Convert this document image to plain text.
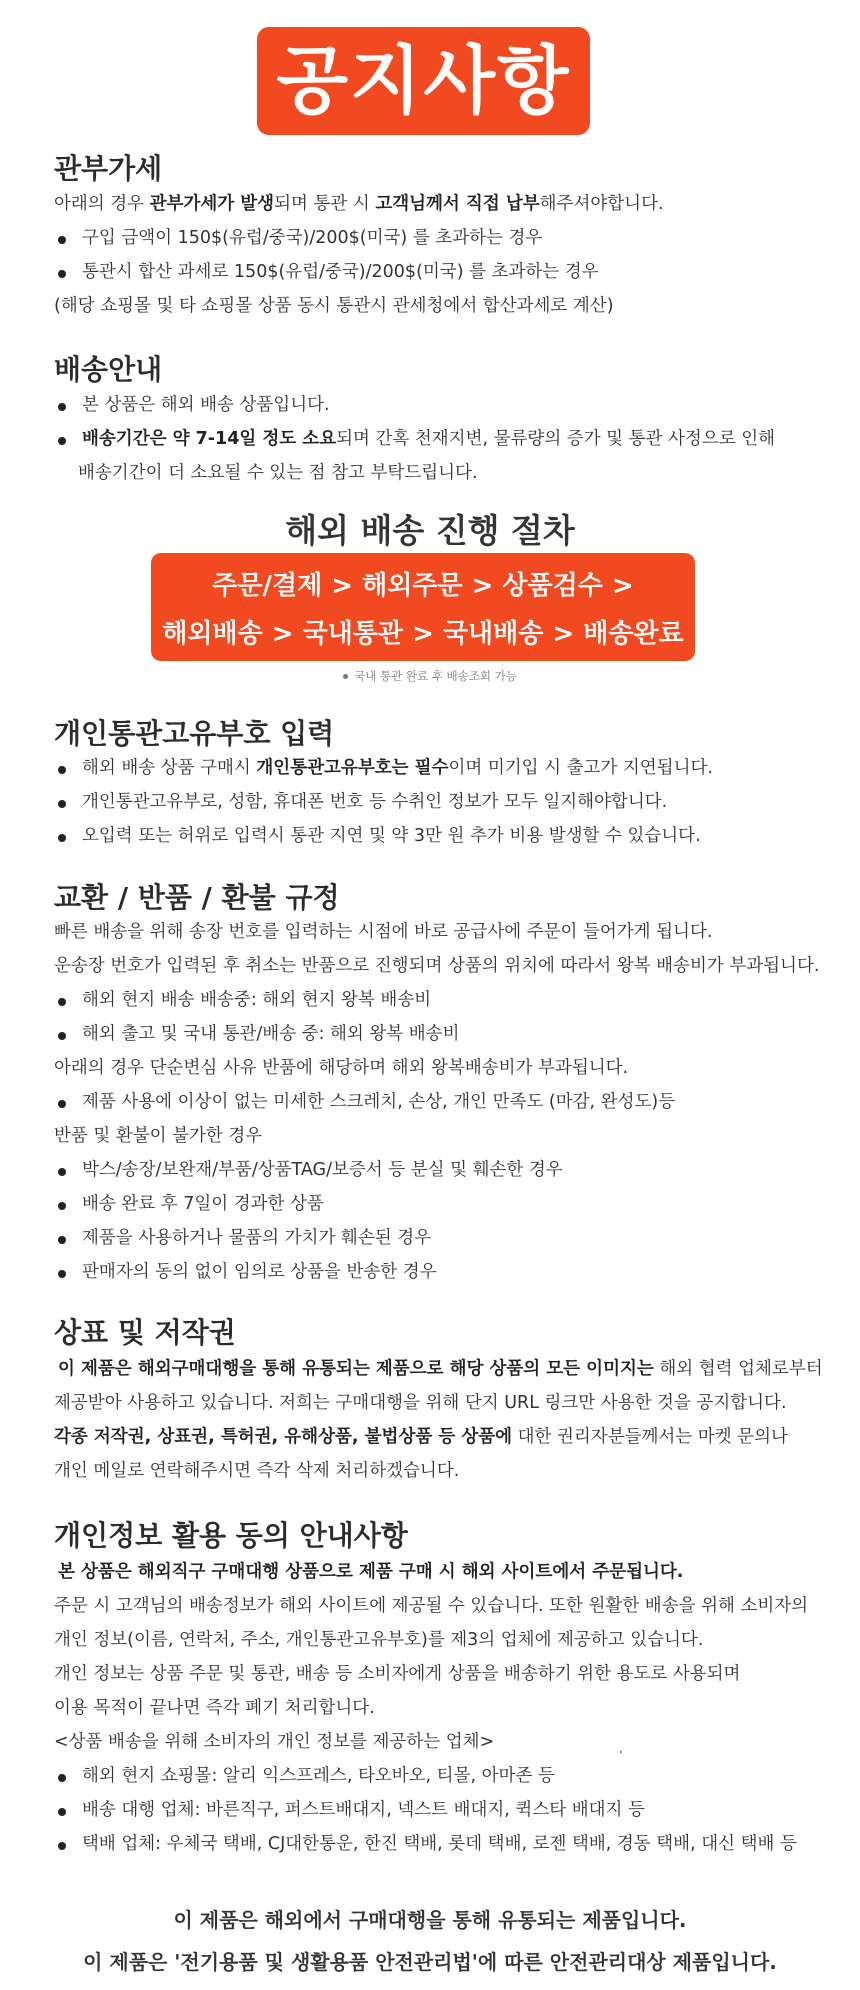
공지사항
관부가세
아래의 경우 관부가세가 발생되며 통관 시 고객님께서 직접 납부해주셔야합니다.
구입 금액이 150$(유럽/중국)/200$(미국) 를 초과하는 경우
통관시 합산 과세로 150$(유럽/중국)/200$(미국) 를 초과하는 경우
(해당 쇼핑몰 및 타 쇼핑몰 상품 동시 통관시 관세청에서 합산과세로 계산)
배송안내
본 상품은 해외 배송 상품입니다.
배송기간은 약 7-14일 정도 소요되며 간혹 천재지변, 물류량의 증가 및 통관 사정으로 인해
배송기간이 더 소요될 수 있는 점 참고 부탁드립니다.
해외 배송 진행 절차
주문/결제 > 해외주문 > 상품검수 >
해외배송 > 국내통관 > 국내배송 > 배송완료
국내 통관 완료 후 배송조회 가능
개인통관고유부호 입력
해외 배송 상품 구매시 개인통관고유부호는 필수이며 미기입 시 출고가 지연됩니다.
개인통관고유부로, 성함, 휴대폰 번호 등 수취인 정보가 모두 일지해야합니다.
오입력 또는 허위로 입력시 통관 지연 및 약 3만 원 추가 비용 발생할 수 있습니다.
교환 / 반품 / 환불 규정
빠른 배송을 위해 송장 번호를 입력하는 시점에 바로 공급사에 주문이 들어가게 됩니다.
운송장 번호가 입력된 후 취소는 반품으로 진행되며 상품의 위치에 따라서 왕복 배송비가 부과됩니다.
해외 현지 배송 배송중: 해외 현지 왕복 배송비
해외 출고 및 국내 통관/배송 중: 해외 왕복 배송비
아래의 경우 단순변심 사유 반품에 해당하며 해외 왕복배송비가 부과됩니다.
제품 사용에 이상이 없는 미세한 스크레치, 손상, 개인 만족도 (마감, 완성도)등
반품 및 환불이 불가한 경우
박스/송장/보완재/부품/상품TAG/보증서 등 분실 및 훼손한 경우
배송 완료 후 7일이 경과한 상품
제품을 사용하거나 물품의 가치가 훼손된 경우
판매자의 동의 없이 임의로 상품을 반송한 경우
상표 및 저작권
이 제품은 해외구매대행을 통해 유통되는 제품으로 해당 상품의 모든 이미지는 해외 협력 업체로부터
제공받아 사용하고 있습니다. 저희는 구매대행을 위해 단지 URL 링크만 사용한 것을 공지합니다.
각종 저작권, 상표권, 특허권, 유해상품, 불법상품 등 상품에 대한 권리자분들께서는 마켓 문의나
개인 메일로 연락해주시면 즉각 삭제 처리하겠습니다.
개인정보 활용 동의 안내사항
본 상품은 해외직구 구매대행 상품으로 제품 구매 시 해외 사이트에서 주문됩니다.
주문 시 고객님의 배송정보가 해외 사이트에 제공될 수 있습니다. 또한 원활한 배송을 위해 소비자의
개인 정보(이름, 연락처, 주소, 개인통관고유부호)를 제3의 업체에 제공하고 있습니다.
개인 정보는 상품 주문 및 통관, 배송 등 소비자에게 상품을 배송하기 위한 용도로 사용되며
이용 목적이 끝나면 즉각 폐기 처리합니다.
<상품 배송을 위해 소비자의 개인 정보를 제공하는 업체>
해외 현지 쇼핑몰: 알리 익스프레스, 타오바오, 티몰, 아마존 등
배송 대행 업체: 바른직구, 퍼스트배대지, 넥스트 배대지, 퀵스타 배대지 등
택배 업체: 우체국 택배, CJ대한통운, 한진 택배, 롯데 택배, 로젠 택배, 경동 택배, 대신 택배 등
이 제품은 해외에서 구매대행을 통해 유통되는 제품입니다.
이 제품은 '전기용품 및 생활용품 안전관리법'에 따른 안전관리대상 제품입니다.
